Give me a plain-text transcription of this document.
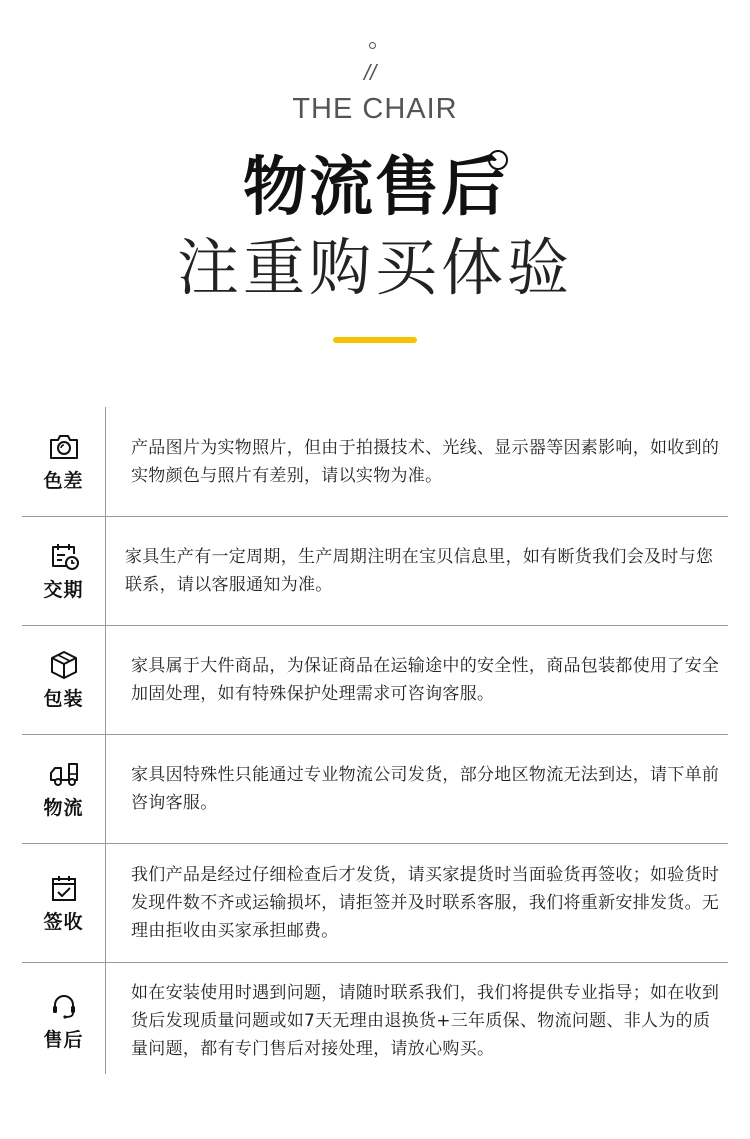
//
THE CHAIR
物流售后
注重购买体验
色差
产品图片为实物照片，但由于拍摄技术、光线、显示器等因素影响，如收到的实物颜色与照片有差别，请以实物为准。
交期
家具生产有一定周期，生产周期注明在宝贝信息里，如有断货我们会及时与您联系，请以客服通知为准。
包装
家具属于大件商品，为保证商品在运输途中的安全性，商品包装都使用了安全加固处理，如有特殊保护处理需求可咨询客服。
物流
家具因特殊性只能通过专业物流公司发货，部分地区物流无法到达，请下单前咨询客服。
签收
我们产品是经过仔细检查后才发货，请买家提货时当面验货再签收；如验货时发现件数不齐或运输损坏，请拒签并及时联系客服，我们将重新安排发货。无理由拒收由买家承担邮费。
售后
如在安装使用时遇到问题，请随时联系我们，我们将提供专业指导；如在收到货后发现质量问题或如7天无理由退换货+三年质保、物流问题、非人为的质量问题，都有专门售后对接处理，请放心购买。
